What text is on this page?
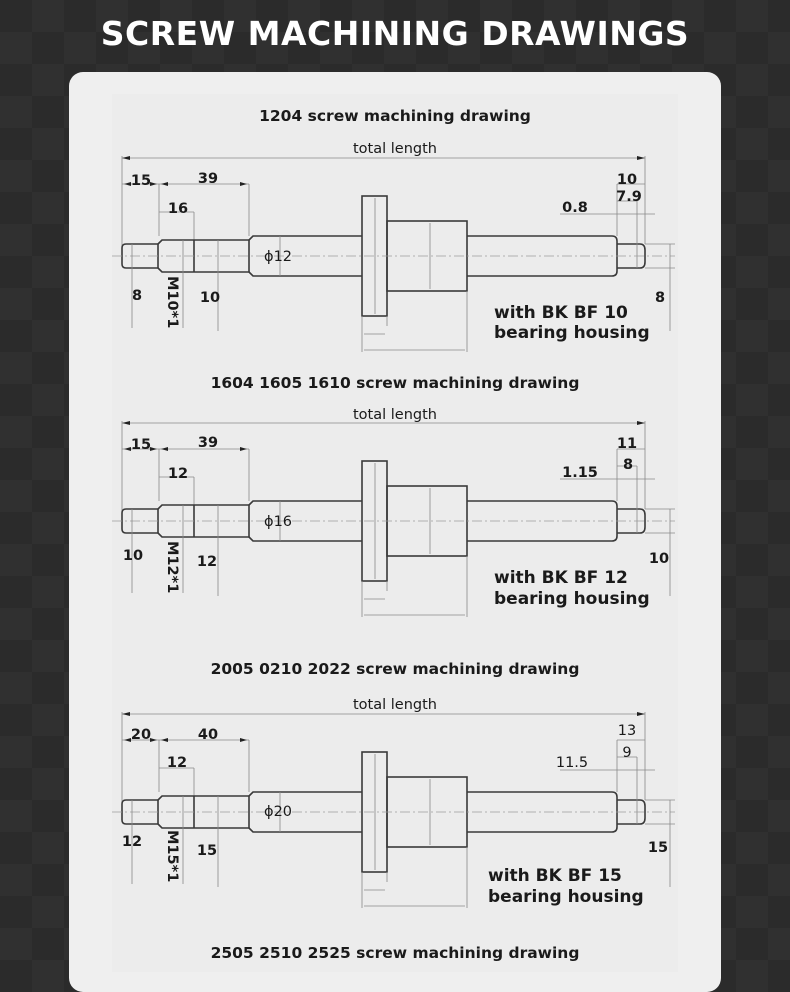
SCREW MACHINING DRAWINGS
1204 screw machining drawing
total length
15	39
16
8 M10*1 10
ϕ12
10
7.9
0.8
8
with BK BF 10
bearing housing
1604 1605 1610 screw machining drawing
total length
15	39
12
10 M12*1 12
ϕ16
11
8
1.15
10
with BK BF 12
bearing housing
2005 0210 2022 screw machining drawing
total length
20	40
12
12 M15*1 15
ϕ20
13
9
11.5
15
with BK BF 15
bearing housing
2505 2510 2525 screw machining drawing
